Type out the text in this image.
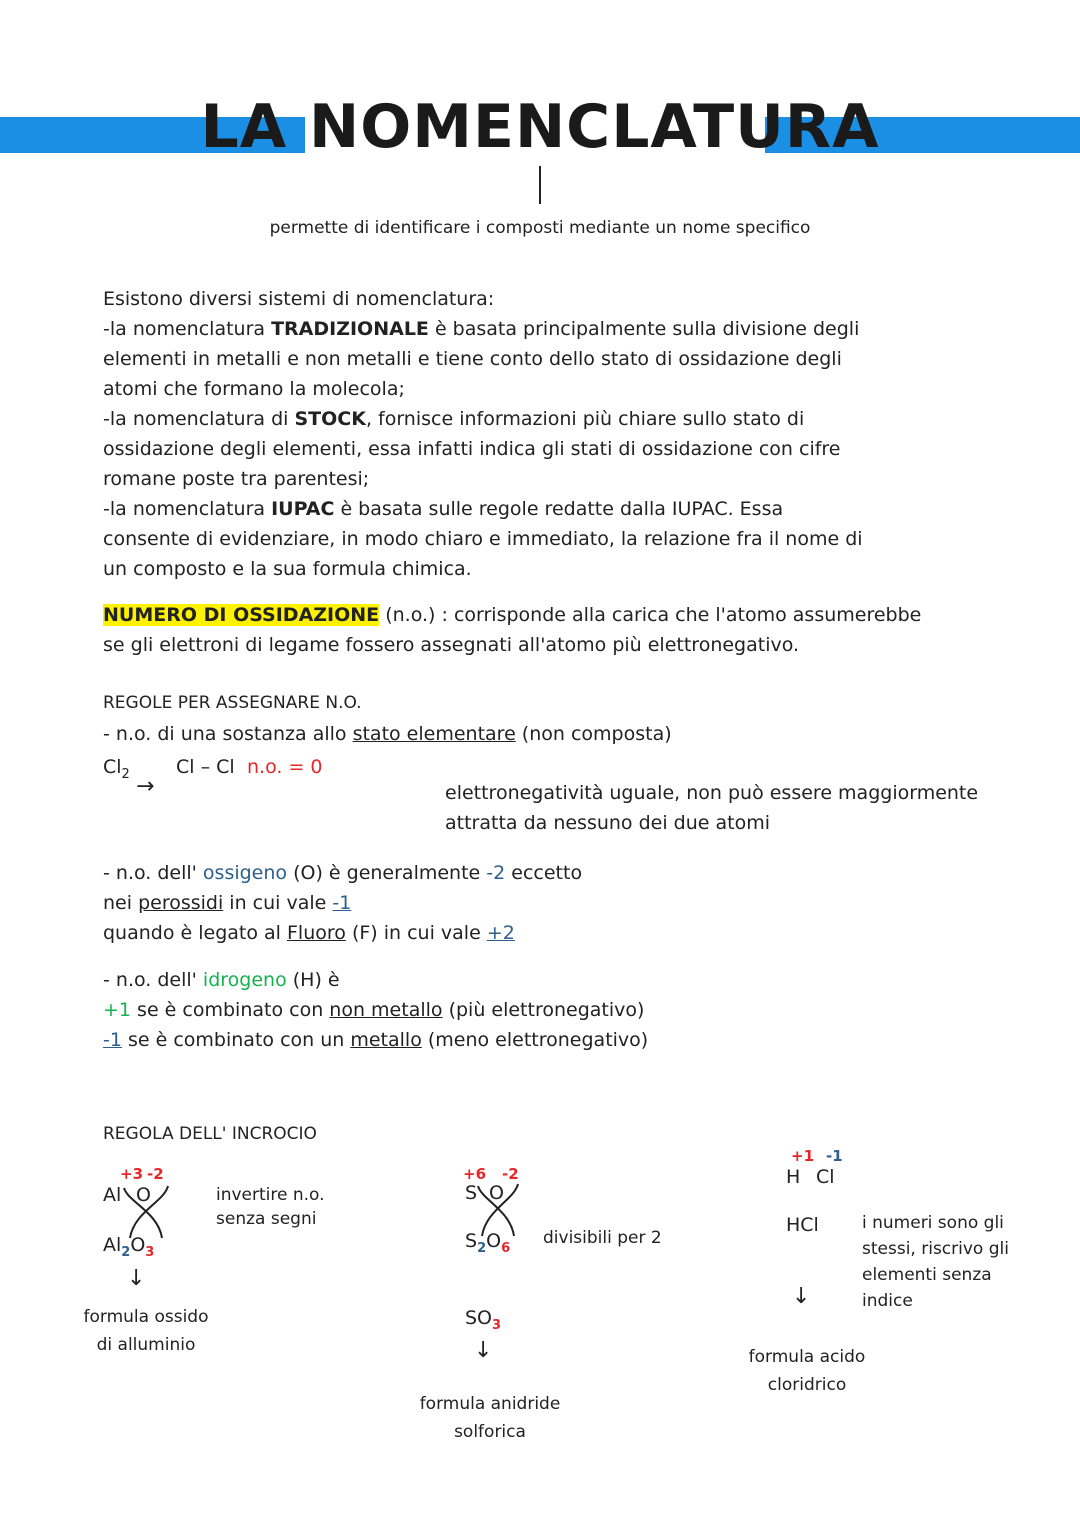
LA NOMENCLATURA
permette di identificare i composti mediante un nome specifico
Esistono diversi sistemi di nomenclatura:
-la nomenclatura TRADIZIONALE è basata principalmente sulla divisione degli
elementi in metalli e non metalli e tiene conto dello stato di ossidazione degli
atomi che formano la molecola;
-la nomenclatura di STOCK, fornisce informazioni più chiare sullo stato di
ossidazione degli elementi, essa infatti indica gli stati di ossidazione con cifre
romane poste tra parentesi;
-la nomenclatura IUPAC è basata sulle regole redatte dalla IUPAC. Essa
consente di evidenziare, in modo chiaro e immediato, la relazione fra il nome di
un composto e la sua formula chimica.
NUMERO DI OSSIDAZIONE (n.o.) : corrisponde alla carica che l'atomo assumerebbe
se gli elettroni di legame fossero assegnati all'atomo più elettronegativo.
REGOLE PER ASSEGNARE N.O.
- n.o. di una sostanza allo stato elementare (non composta)
$Cl_2$ Cl – Cl n.o. = 0
→	elettronegatività uguale, non può essere maggiormente
attratta da nessuno dei due atomi
- n.o. dell' ossigeno (O) è generalmente -2 eccetto
nei perossidi in cui vale -1
quando è legato al Fluoro (F) in cui vale +2
- n.o. dell' idrogeno (H) è
+1 se è combinato con non metallo (più elettronegativo)
-1 se è combinato con un metallo (meno elettronegativo)
REGOLA DELL' INCROCIO
+3 -2
Al O	invertire n.o.
senza segni
$Al_2O_3$
↓
formula ossido
di alluminio
+6 -2
S O
$S_2O_6$
divisibili per 2
$SO_3$
↓
formula anidride
solforica
+1 -1
H Cl
HCl	i numeri sono gli
stessi, riscrivo gli
elementi senza
indice
↓
formula acido
cloridrico
